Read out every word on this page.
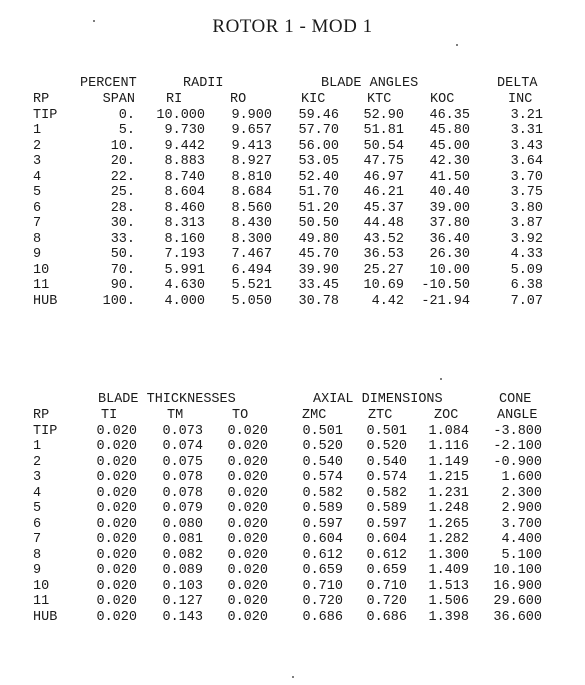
ROTOR 1 - MOD 1
PERCENT	RADII	BLADE ANGLES	DELTA
RP	SPAN RI	RO	KIC	KTC	KOC	INC
TIP	0. 10.000 9.900 59.46 52.90 46.35	3.21
1	5. 9.730 9.657 57.70 51.81 45.80	3.31
2	10. 9.442 9.413 56.00 50.54 45.00	3.43
3	20. 8.883 8.927 53.05 47.75 42.30	3.64
4	22. 8.740 8.810 52.40 46.97 41.50	3.70
5	25. 8.604 8.684 51.70 46.21 40.40	3.75
6	28. 8.460 8.560 51.20 45.37 39.00	3.80
7	30. 8.313 8.430 50.50 44.48 37.80	3.87
8	33. 8.160 8.300 49.80 43.52 36.40	3.92
9	50. 7.193 7.467 45.70 36.53 26.30	4.33
10	70. 5.991 6.494 39.90 25.27 10.00	5.09
11	90. 4.630 5.521 33.45 10.69 -10.50	6.38
HUB	100. 4.000 5.050 30.78 4.42 -21.94	7.07
BLADE THICKNESSES	AXIAL DIMENSIONS	CONE
RP	TI	TM	TO	ZMC	ZTC	ZOC	ANGLE
TIP	0.020 0.073 0.020	0.501 0.501 1.084 -3.800
1	0.020 0.074 0.020	0.520 0.520 1.116 -2.100
2	0.020 0.075 0.020	0.540 0.540 1.149 -0.900
3	0.020 0.078 0.020	0.574 0.574 1.215 1.600
4	0.020 0.078 0.020	0.582 0.582 1.231 2.300
5	0.020 0.079 0.020	0.589 0.589 1.248 2.900
6	0.020 0.080 0.020	0.597 0.597 1.265 3.700
7	0.020 0.081 0.020	0.604 0.604 1.282 4.400
8	0.020 0.082 0.020	0.612 0.612 1.300 5.100
9	0.020 0.089 0.020	0.659 0.659 1.409 10.100
10	0.020 0.103 0.020	0.710 0.710 1.513 16.900
11	0.020 0.127 0.020	0.720 0.720 1.506 29.600
HUB	0.020 0.143 0.020	0.686 0.686 1.398 36.600
